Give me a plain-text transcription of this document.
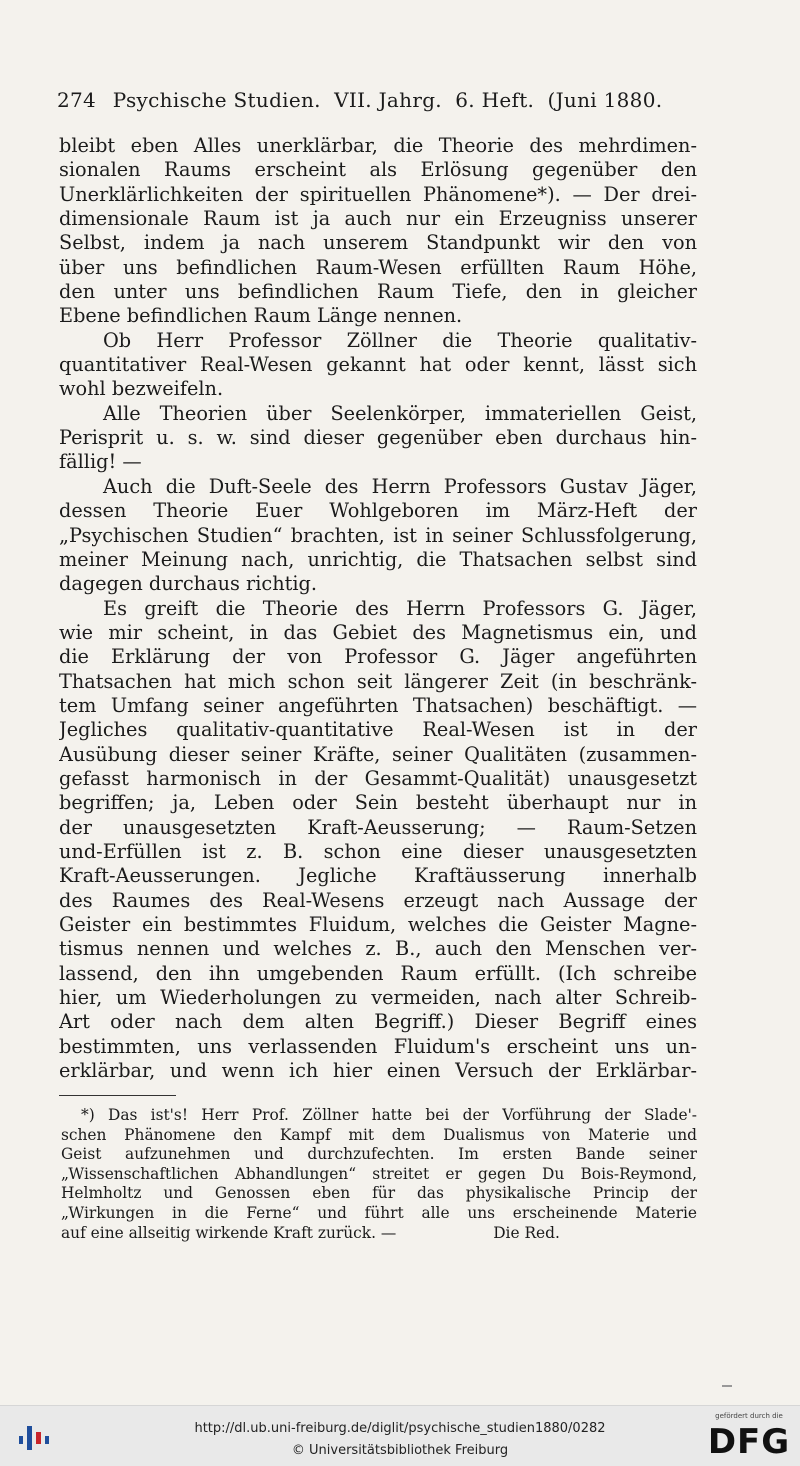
274 Psychische Studien.  VII. Jahrg.  6. Heft.  (Juni 1880.
bleibt eben Alles unerklärbar, die Theorie des mehrdimen-
sionalen Raums erscheint als Erlösung gegenüber den
Unerklärlichkeiten der spirituellen Phänomene*). — Der drei-
dimensionale Raum ist ja auch nur ein Erzeugniss unserer
Selbst, indem ja nach unserem Standpunkt wir den von
über uns befindlichen Raum-Wesen erfüllten Raum Höhe,
den unter uns befindlichen Raum Tiefe, den in gleicher
Ebene befindlichen Raum Länge nennen.
Ob Herr Professor Zöllner die Theorie qualitativ-
quantitativer Real-Wesen gekannt hat oder kennt, lässt sich
wohl bezweifeln.
Alle Theorien über Seelenkörper, immateriellen Geist,
Perisprit u. s. w. sind dieser gegenüber eben durchaus hin-
fällig! —
Auch die Duft-Seele des Herrn Professors Gustav Jäger,
dessen Theorie Euer Wohlgeboren im März-Heft der
„Psychischen Studien“ brachten, ist in seiner Schlussfolgerung,
meiner Meinung nach, unrichtig, die Thatsachen selbst sind
dagegen durchaus richtig.
Es greift die Theorie des Herrn Professors G. Jäger,
wie mir scheint, in das Gebiet des Magnetismus ein, und
die Erklärung der von Professor G. Jäger angeführten
Thatsachen hat mich schon seit längerer Zeit (in beschränk-
tem Umfang seiner angeführten Thatsachen) beschäftigt. —
Jegliches qualitativ-quantitative Real-Wesen ist in der
Ausübung dieser seiner Kräfte, seiner Qualitäten (zusammen-
gefasst harmonisch in der Gesammt-Qualität) unausgesetzt
begriffen; ja, Leben oder Sein besteht überhaupt nur in
der unausgesetzten Kraft-Aeusserung; — Raum-Setzen
und-Erfüllen ist z. B. schon eine dieser unausgesetzten
Kraft-Aeusserungen. Jegliche Kraftäusserung innerhalb
des Raumes des Real-Wesens erzeugt nach Aussage der
Geister ein bestimmtes Fluidum, welches die Geister Magne-
tismus nennen und welches z. B., auch den Menschen ver-
lassend, den ihn umgebenden Raum erfüllt. (Ich schreibe
hier, um Wiederholungen zu vermeiden, nach alter Schreib-
Art oder nach dem alten Begriff.) Dieser Begriff eines
bestimmten, uns verlassenden Fluidum's erscheint uns un-
erklärbar, und wenn ich hier einen Versuch der Erklärbar-
*) Das ist's! Herr Prof. Zöllner hatte bei der Vorführung der Slade'-
schen Phänomene den Kampf mit dem Dualismus von Materie und
Geist aufzunehmen und durchzufechten. Im ersten Bande seiner
„Wissenschaftlichen Abhandlungen“ streitet er gegen Du Bois-Reymond,
Helmholtz und Genossen eben für das physikalische Princip der
„Wirkungen in die Ferne“ und führt alle uns erscheinende Materie
auf eine allseitig wirkende Kraft zurück. —	Die Red.
http://dl.ub.uni-freiburg.de/diglit/psychische_studien1880/0282
© Universitätsbibliothek Freiburg
gefördert durch die
DFG
